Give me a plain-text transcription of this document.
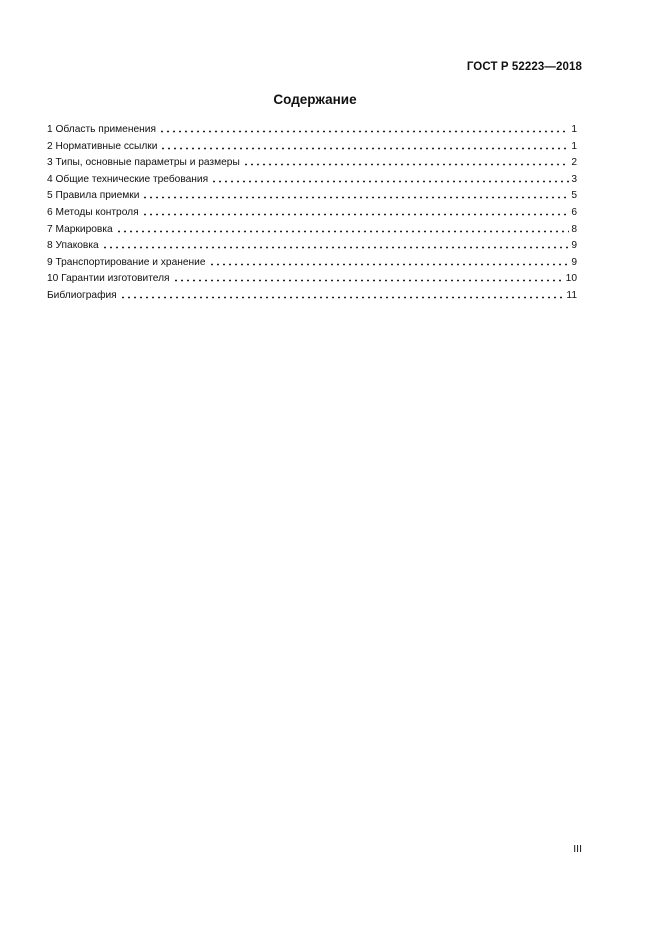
ГОСТ Р 52223—2018
Содержание
1 Область применения	1
2 Нормативные ссылки	1
3 Типы, основные параметры и размеры	2
4 Общие технические требования	3
5 Правила приемки	5
6 Методы контроля	6
7 Маркировка	8
8 Упаковка	9
9 Транспортирование и хранение	9
10 Гарантии изготовителя	10
Библиография	11
III
